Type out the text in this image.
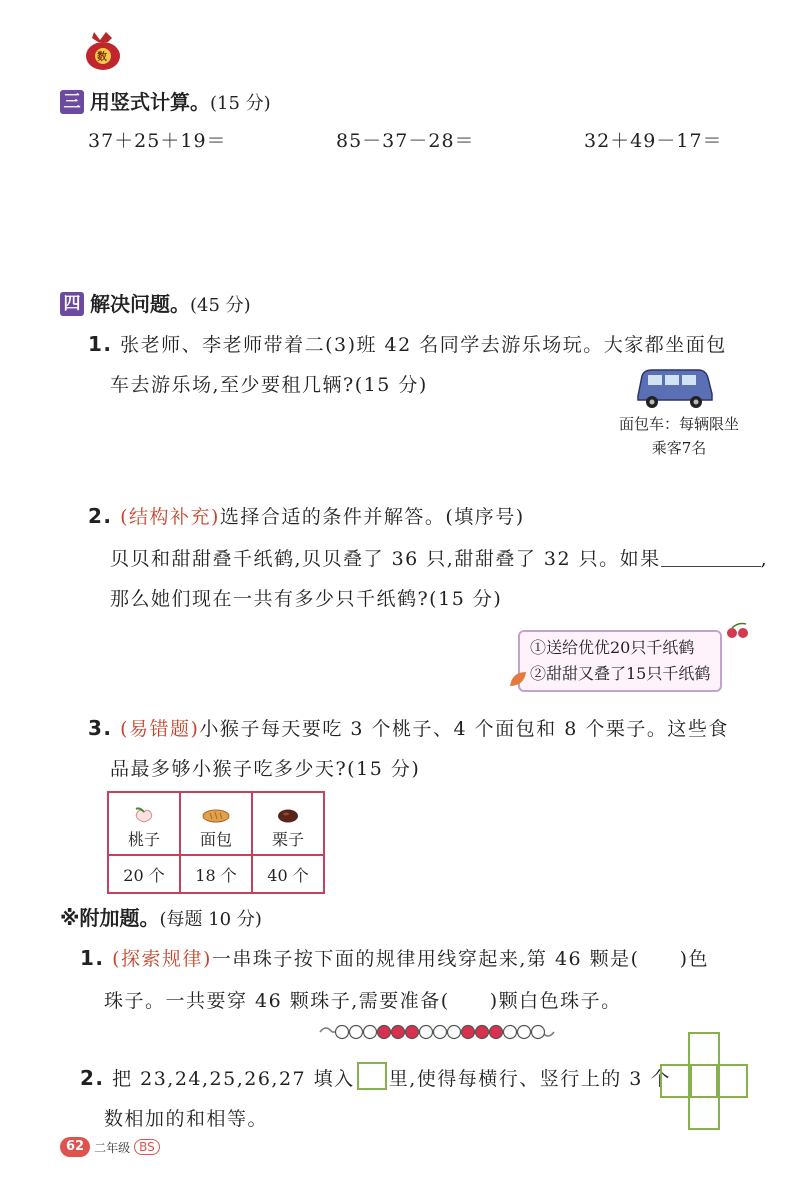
数
三 用竖式计算。(15 分)
37＋25＋19＝	85－37－28＝	32＋49－17＝
四 解决问题。(45 分)
1. 张老师、李老师带着二(3)班 42 名同学去游乐场玩。大家都坐面包
车去游乐场,至少要租几辆?(15 分)
面包车：每辆限坐
乘客7名
2. (结构补充)选择合适的条件并解答。(填序号)
贝贝和甜甜叠千纸鹤,贝贝叠了 36 只,甜甜叠了 32 只。如果	,
那么她们现在一共有多少只千纸鹤?(15 分)
①送给优优20只千纸鹤
②甜甜又叠了15只千纸鹤
3. (易错题)小猴子每天要吃 3 个桃子、4 个面包和 8 个栗子。这些食
品最多够小猴子吃多少天?(15 分)
桃子	面包	栗子
20 个	18 个	40 个
※附加题。(每题 10 分)
1. (探索规律)一串珠子按下面的规律用线穿起来,第 46 颗是( )色
珠子。一共要穿 46 颗珠子,需要准备( )颗白色珠子。
2. 把 23,24,25,26,27 填入 里,使得每横行、竖行上的 3 个
数相加的和相等。
62 二年级 BS
